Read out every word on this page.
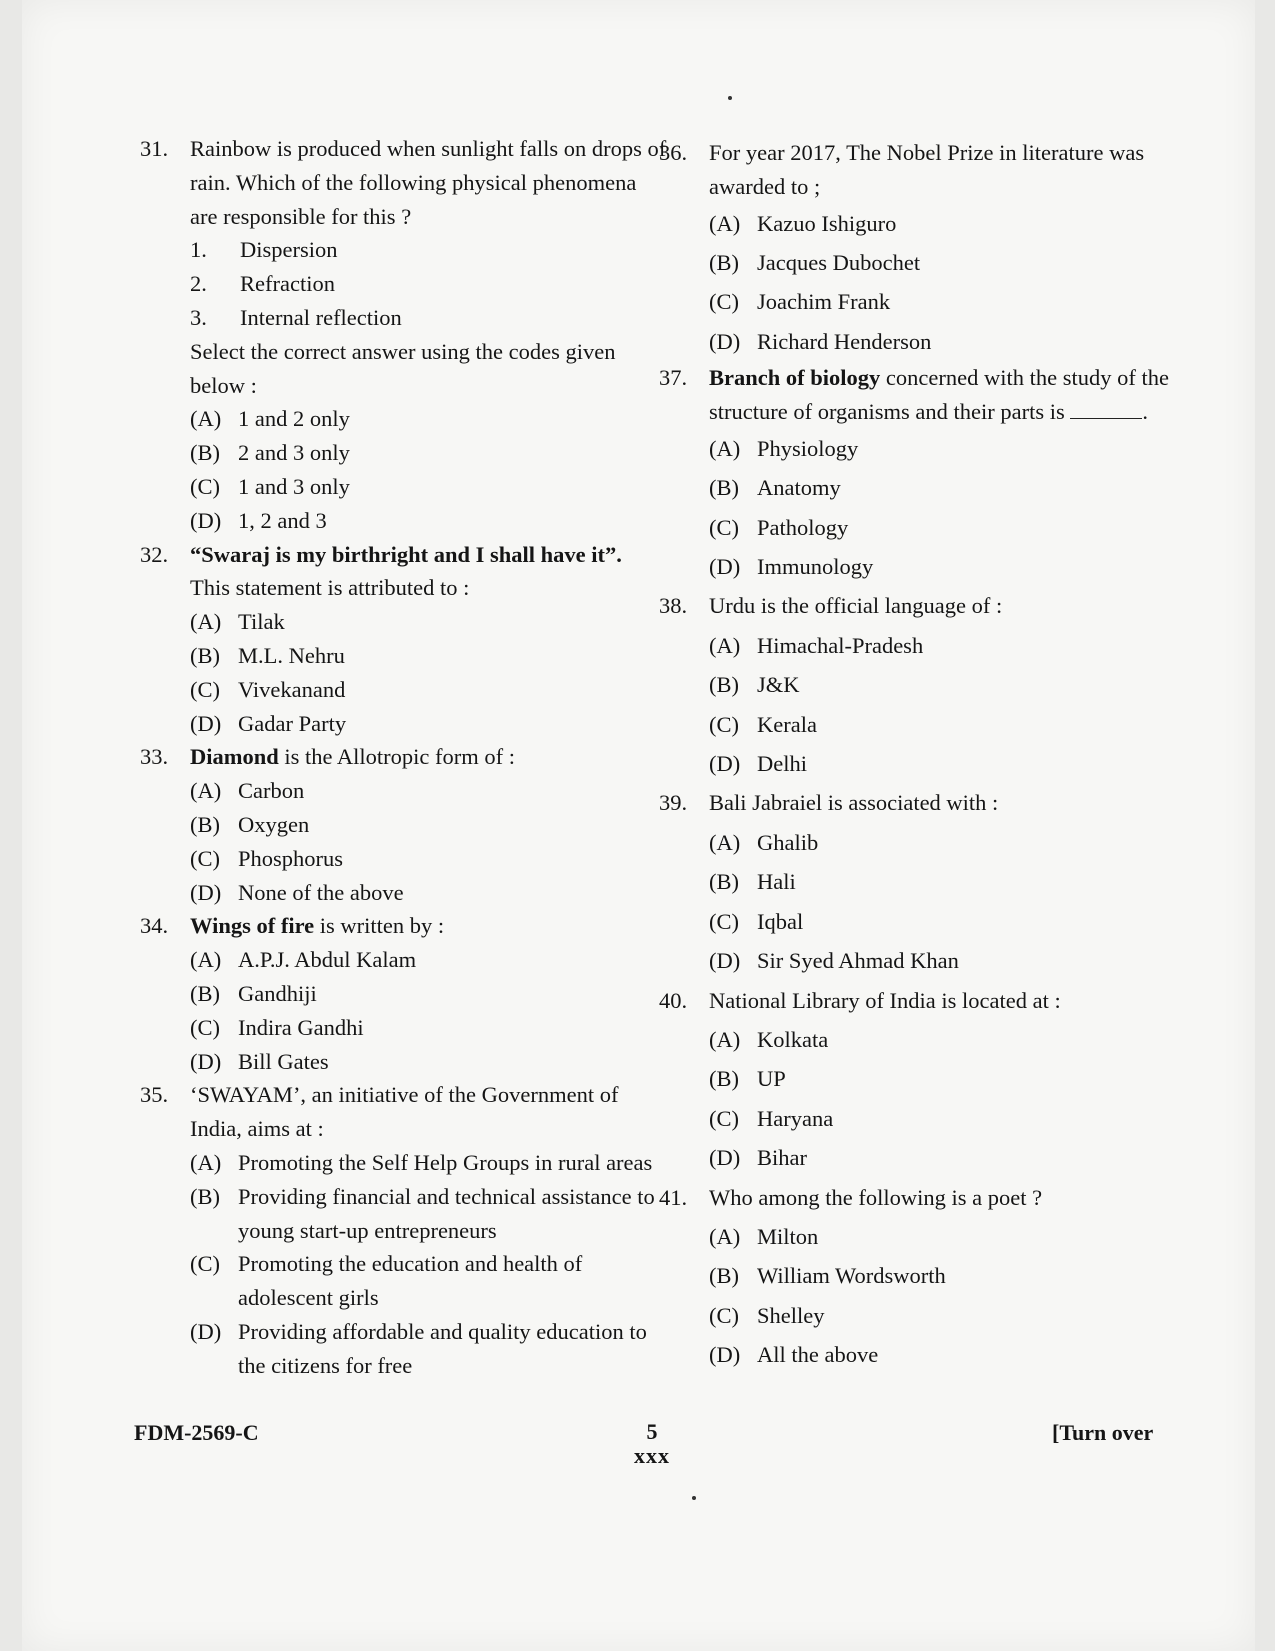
31. Rainbow is produced when sunlight falls on drops of rain. Which of the following physical phenomena are responsible for this ?

1. Dispersion
2. Refraction
3. Internal reflection

Select the correct answer using the codes given below :

(A) 1 and 2 only
(B) 2 and 3 only
(C) 1 and 3 only
(D) 1, 2 and 3
32. “Swaraj is my birthright and I shall have it”.

This statement is attributed to :

(A) Tilak
(B) M.L. Nehru
(C) Vivekanand
(D) Gadar Party
33. Diamond is the Allotropic form of :

(A) Carbon
(B) Oxygen
(C) Phosphorus
(D) None of the above
34. Wings of fire is written by :

(A) A.P.J. Abdul Kalam
(B) Gandhiji
(C) Indira Gandhi
(D) Bill Gates
35. ‘SWAYAM’, an initiative of the Government of India, aims at :

(A) Promoting the Self Help Groups in rural areas
(B) Providing financial and technical assistance to young start-up entrepreneurs
(C) Promoting the education and health of adolescent girls
(D) Providing affordable and quality education to the citizens for free
36. For year 2017, The Nobel Prize in literature was awarded to ;

(A) Kazuo Ishiguro
(B) Jacques Dubochet
(C) Joachim Frank
(D) Richard Henderson
37. Branch of biology concerned with the study of the structure of organisms and their parts is	.

(A) Physiology
(B) Anatomy
(C) Pathology
(D) Immunology
38. Urdu is the official language of :

(A) Himachal-Pradesh
(B) J&K
(C) Kerala
(D) Delhi
39. Bali Jabraiel is associated with :

(A) Ghalib
(B) Hali
(C) Iqbal
(D) Sir Syed Ahmad Khan
40. National Library of India is located at :

(A) Kolkata
(B) UP
(C) Haryana
(D) Bihar
41. Who among the following is a poet ?

(A) Milton
(B) William Wordsworth
(C) Shelley
(D) All the above
FDM-2569-C	5
xxx
[Turn over
